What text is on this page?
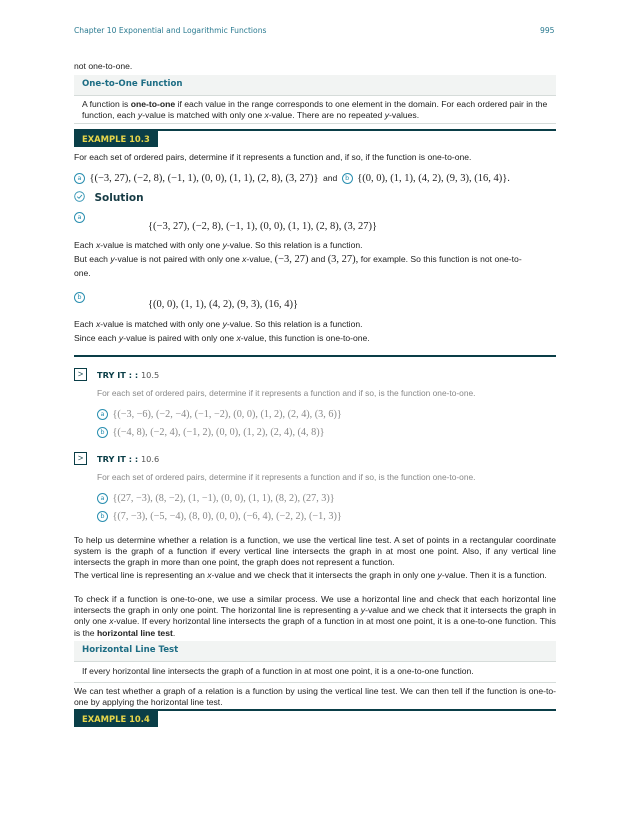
Chapter 10 Exponential and Logarithmic Functions	995
not one-to-one.
One-to-One Function
A function is one-to-one if each value in the range corresponds to one element in the domain. For each ordered pair in the function, each y-value is matched with only one x-value. There are no repeated y-values.
EXAMPLE 10.3
For each set of ordered pairs, determine if it represents a function and, if so, if the function is one-to-one.
a {(−3, 27), (−2, 8), (−1, 1), (0, 0), (1, 1), (2, 8), (3, 27)} and b {(0, 0), (1, 1), (4, 2), (9, 3), (16, 4)}.
Solution
a
{(−3, 27), (−2, 8), (−1, 1), (0, 0), (1, 1), (2, 8), (3, 27)}
Each x-value is matched with only one y-value. So this relation is a function.
But each y-value is not paired with only one x-value, (−3, 27) and (3, 27), for example. So this function is not one-to-
one.
b
{(0, 0), (1, 1), (4, 2), (9, 3), (16, 4)}
Each x-value is matched with only one y-value. So this relation is a function.
Since each y-value is paired with only one x-value, this function is one-to-one.
>	TRY IT : : 10.5
For each set of ordered pairs, determine if it represents a function and if so, is the function one-to-one.
a {(−3, −6), (−2, −4), (−1, −2), (0, 0), (1, 2), (2, 4), (3, 6)}
b {(−4, 8), (−2, 4), (−1, 2), (0, 0), (1, 2), (2, 4), (4, 8)}
>	TRY IT : : 10.6
For each set of ordered pairs, determine if it represents a function and if so, is the function one-to-one.
a {(27, −3), (8, −2), (1, −1), (0, 0), (1, 1), (8, 2), (27, 3)}
b {(7, −3), (−5, −4), (8, 0), (0, 0), (−6, 4), (−2, 2), (−1, 3)}
To help us determine whether a relation is a function, we use the vertical line test. A set of points in a rectangular coordinate system is the graph of a function if every vertical line intersects the graph in at most one point. Also, if any vertical line intersects the graph in more than one point, the graph does not represent a function.
The vertical line is representing an x-value and we check that it intersects the graph in only one y-value. Then it is a function.
To check if a function is one-to-one, we use a similar process. We use a horizontal line and check that each horizontal line intersects the graph in only one point. The horizontal line is representing a y-value and we check that it intersects the graph in only one x-value. If every horizontal line intersects the graph of a function in at most one point, it is a one-to-one function. This is the horizontal line test.
Horizontal Line Test
If every horizontal line intersects the graph of a function in at most one point, it is a one-to-one function.
We can test whether a graph of a relation is a function by using the vertical line test. We can then tell if the function is one-to-one by applying the horizontal line test.
EXAMPLE 10.4
